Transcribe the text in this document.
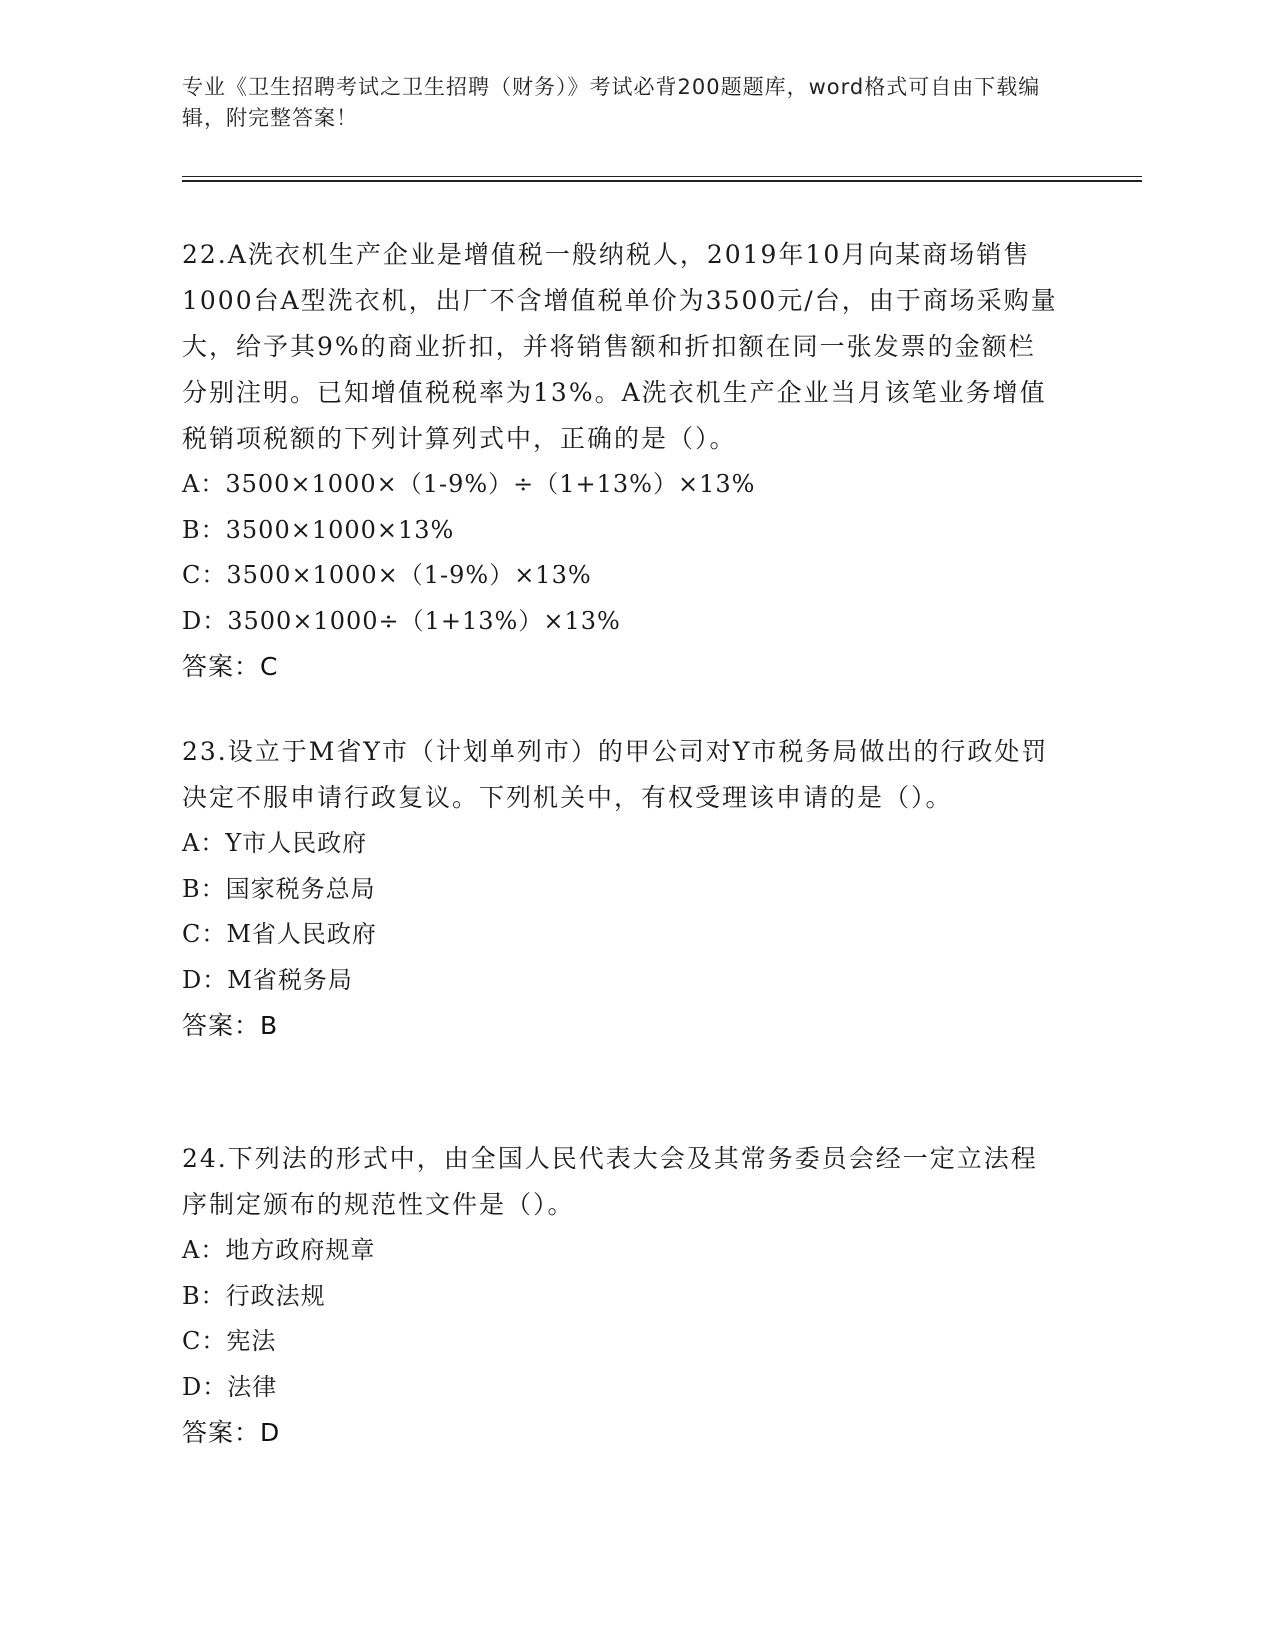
专业《卫生招聘考试之卫生招聘（财务）》考试必背200题题库，word格式可自由下载编辑，附完整答案！

22.A洗衣机生产企业是增值税一般纳税人，2019年10月向某商场销售1000台A型洗衣机，出厂不含增值税单价为3500元/台，由于商场采购量大，给予其9%的商业折扣，并将销售额和折扣额在同一张发票的金额栏分别注明。已知增值税税率为13%。A洗衣机生产企业当月该笔业务增值税销项税额的下列计算列式中，正确的是（）。

A：3500×1000×（1-9%）÷（1+13%）×13%
B：3500×1000×13%
C：3500×1000×（1-9%）×13%
D：3500×1000÷（1+13%）×13%
答案：C

23.设立于M省Y市（计划单列市）的甲公司对Y市税务局做出的行政处罚决定不服申请行政复议。下列机关中，有权受理该申请的是（）。

A：Y市人民政府
B：国家税务总局
C：M省人民政府
D：M省税务局
答案：B

24.下列法的形式中，由全国人民代表大会及其常务委员会经一定立法程序制定颁布的规范性文件是（）。

A：地方政府规章
B：行政法规
C：宪法
D：法律
答案：D
